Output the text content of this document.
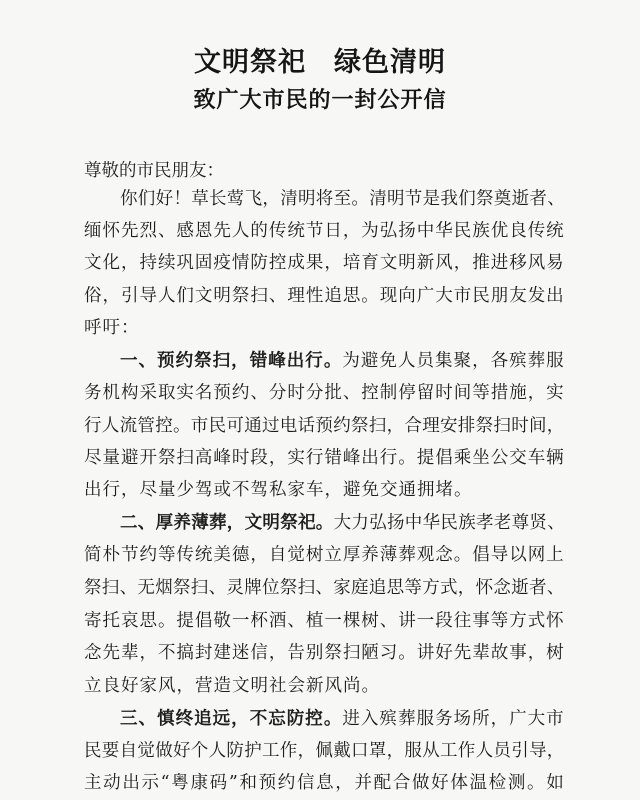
文明祭祀　绿色清明
致广大市民的一封公开信
尊敬的市民朋友：
你们好！草长莺飞，清明将至。清明节是我们祭奠逝者、
缅怀先烈、感恩先人的传统节日，为弘扬中华民族优良传统
文化，持续巩固疫情防控成果，培育文明新风，推进移风易
俗，引导人们文明祭扫、理性追思。现向广大市民朋友发出
呼吁：
一、预约祭扫，错峰出行。为避免人员集聚，各殡葬服
务机构采取实名预约、分时分批、控制停留时间等措施，实
行人流管控。市民可通过电话预约祭扫，合理安排祭扫时间，
尽量避开祭扫高峰时段，实行错峰出行。提倡乘坐公交车辆
出行，尽量少驾或不驾私家车，避免交通拥堵。
二、厚养薄葬，文明祭祀。大力弘扬中华民族孝老尊贤、
简朴节约等传统美德，自觉树立厚养薄葬观念。倡导以网上
祭扫、无烟祭扫、灵牌位祭扫、家庭追思等方式，怀念逝者、
寄托哀思。提倡敬一杯酒、植一棵树、讲一段往事等方式怀
念先辈，不搞封建迷信，告别祭扫陋习。讲好先辈故事，树
立良好家风，营造文明社会新风尚。
三、慎终追远，不忘防控。进入殡葬服务场所，广大市
民要自觉做好个人防护工作，佩戴口罩，服从工作人员引导，
主动出示“粤康码”和预约信息，并配合做好体温检测。如
